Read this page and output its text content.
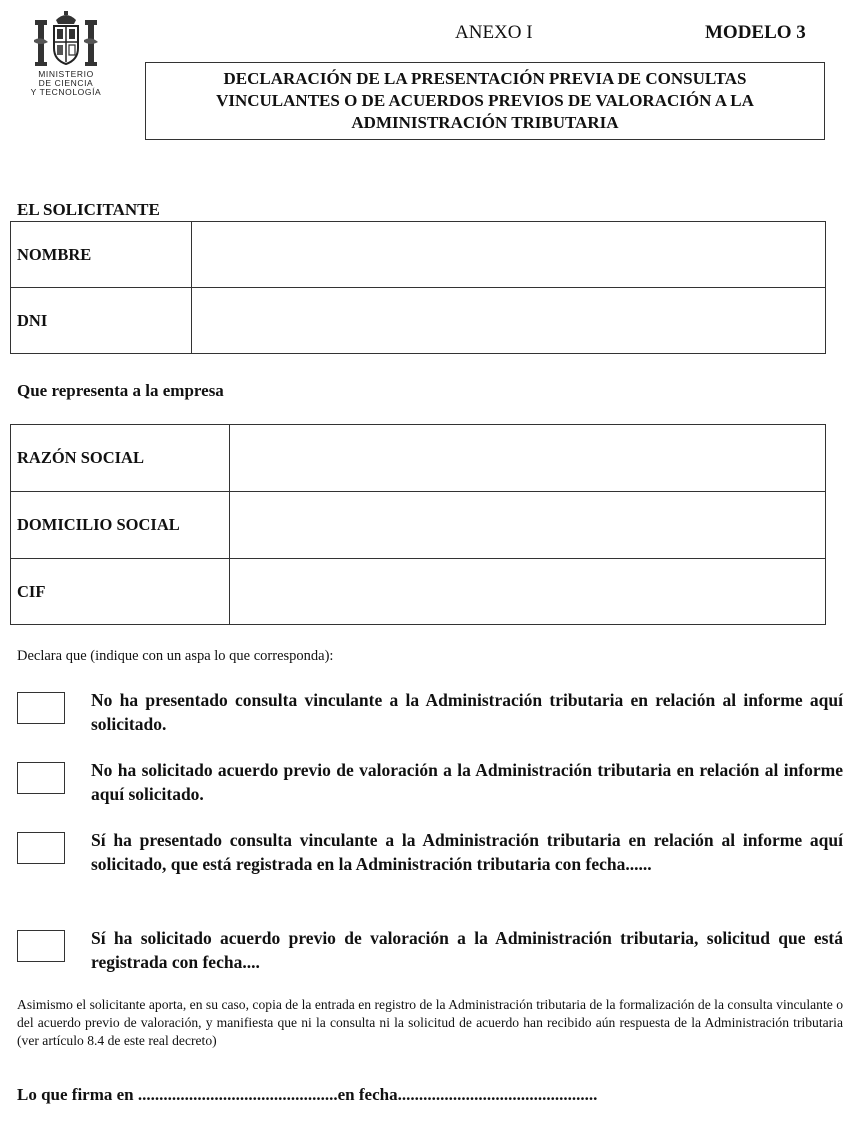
MINISTERIO
DE CIENCIA
Y TECNOLOGÍA
ANEXO I	MODELO 3
DECLARACIÓN DE LA PRESENTACIÓN PREVIA DE CONSULTAS VINCULANTES O DE ACUERDOS PREVIOS DE VALORACIÓN A LA ADMINISTRACIÓN TRIBUTARIA
EL SOLICITANTE
NOMBRE	
DNI	
Que representa a la empresa
RAZÓN SOCIAL	
DOMICILIO SOCIAL	
CIF	
Declara que (indique con un aspa lo que corresponda):
No ha presentado consulta vinculante a la Administración tributaria en relación al informe aquí solicitado.
No ha solicitado acuerdo previo de valoración a la Administración tributaria en relación al informe aquí solicitado.
Sí ha presentado consulta vinculante a la Administración tributaria en relación al informe aquí solicitado, que está registrada en la Administración tributaria con fecha......
Sí ha solicitado acuerdo previo de valoración a la Administración tributaria, solicitud que está registrada con fecha....
Asimismo el solicitante aporta, en su caso, copia de la entrada en registro de la Administración tributaria de la formalización de la consulta vinculante o del acuerdo previo de valoración, y manifiesta que ni la consulta ni la solicitud de acuerdo han recibido aún respuesta de la Administración tributaria (ver artículo 8.4 de este real decreto)
Lo que firma en ...............................................en fecha...............................................
